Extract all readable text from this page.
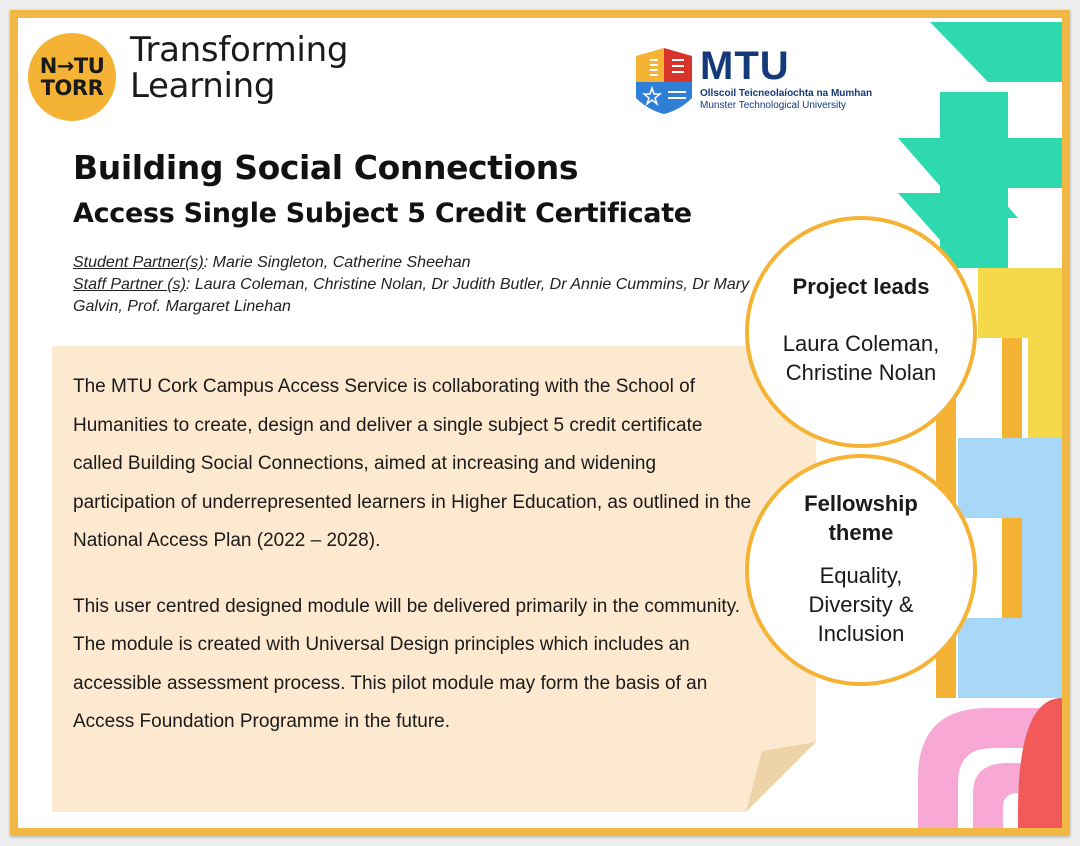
N→TU
TORR
Transforming
Learning	MTU
Ollscoil Teicneolaíochta na Mumhan
Munster Technological University
Building Social Connections
Access Single Subject 5 Credit Certificate
Student Partner(s): Marie Singleton, Catherine Sheehan
Staff Partner (s): Laura Coleman, Christine Nolan, Dr Judith Butler, Dr Annie Cummins, Dr Mary Galvin, Prof. Margaret Linehan

The MTU Cork Campus Access Service is collaborating with the School of Humanities to create, design and deliver a single subject 5 credit certificate called Building Social Connections, aimed at increasing and widening participation of underrepresented learners in Higher Education, as outlined in the National Access Plan (2022 – 2028).

This user centred designed module will be delivered primarily in the community. The module is created with Universal Design principles which includes an accessible assessment process. This pilot module may form the basis of an Access Foundation Programme in the future.

Project leads
Laura Coleman,
Christine Nolan
Fellowship
theme
Equality,
Diversity &
Inclusion
